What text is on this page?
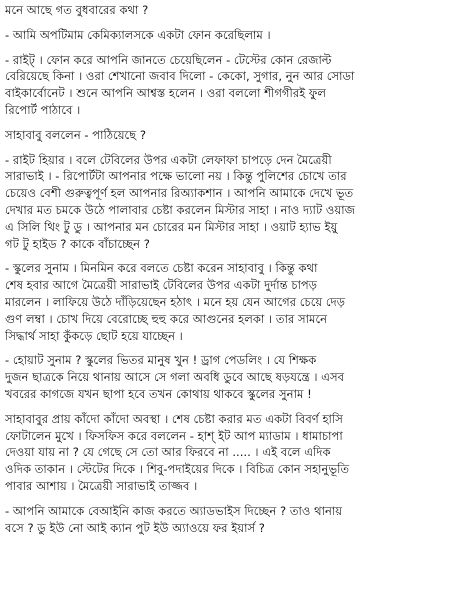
মনে আছে গত বুধবারের কথা ?

- আমি অপটিমাম কেমিক্যালসকে একটা ফোন করেছিলাম ।

- রাইট্ । ফোন করে আপনি জানতে চেয়েছিলেন - টেস্টের কোন রেজাল্ট
বেরিয়েছে কিনা । ওরা শেখানো জবাব দিলো - কেকো, সুগার, নুন আর সোডা
বাইকার্বোনেট । শুনে আপনি আশ্বস্ত হলেন । ওরা বললো শীগগীরই ফুল
রিপোর্ট পাঠাবে ।

সাহাবাবু বললেন - পাঠিয়েছে ?

- রাইট হিয়ার । বলে টেবিলের উপর একটা লেফাফা চাপড়ে দেন মৈত্রেয়ী
সারাভাই । - রিপোর্টটা আপনার পক্ষে ভালো নয় । কিন্তু পুলিশের চোখে তার
চেয়েও বেশী গুরুত্বপূর্ণ হল আপনার রিঅ্যাকশান । আপনি আমাকে দেখে ভূত
দেখার মত চমকে উঠে পালাবার চেষ্টা করলেন মিস্টার সাহা । নাও দ্যাট ওয়াজ
এ সিলি থিং টু ডু । আপনার মন চোরের মন মিস্টার সাহা । ওয়াট হ্যাভ ইয়ু
গট টু হাইড ? কাকে বাঁচাচ্ছেন ?

- স্কুলের সুনাম । মিনমিন করে বলতে চেষ্টা করেন সাহাবাবু । কিন্তু কথা
শেষ হবার আগে মৈত্রেয়ী সারাভাই টেবিলের উপর একটা দুর্দান্ত চাপড়
মারলেন । লাফিয়ে উঠে দাঁড়িয়েছেন হঠাৎ । মনে হয় যেন আগের চেয়ে দেড়
গুণ লম্বা । চোখ দিয়ে বেরোচ্ছে হুহু করে আগুনের হলকা । তার সামনে
সিদ্ধার্থ সাহা কুঁকড়ে ছোট হয়ে যাচ্ছেন ।

- হোয়াট সুনাম ? স্কুলের ভিতর মানুষ খুন ! ড্রাগ পেডলিং । যে শিক্ষক
দুজন ছাত্রকে নিয়ে থানায় আসে সে গলা অবধি ডুবে আছে ষড়যন্ত্রে । এসব
খবরের কাগজে যখন ছাপা হবে তখন কোথায় থাকবে স্কুলের সুনাম !

সাহাবাবুর প্রায় কাঁদো কাঁদো অবস্থা । শেষ চেষ্টা করার মত একটা বিবর্ণ হাসি
ফোটালেন মুখে । ফিসফিস করে বললেন - হাশ্ ইট আপ ম্যাডাম । ধামাচাপা
দেওয়া যায় না ? যে গেছে সে তো আর ফিরবে না ..... । এই বলে এদিক
ওদিক তাকান । স্টেটের দিকে । শিবু-পদাইয়ের দিকে । বিচিত্র কোন সহানুভূতি
পাবার আশায় । মৈত্রেয়ী সারাভাই তাজ্জব ।

- আপনি আমাকে বেআইনি কাজ করতে অ্যাডভাইস দিচ্ছেন ? তাও থানায়
বসে ? ডু ইউ নো আই ক্যান পুট ইউ অ্যাওয়ে ফর ইয়ার্স ?
